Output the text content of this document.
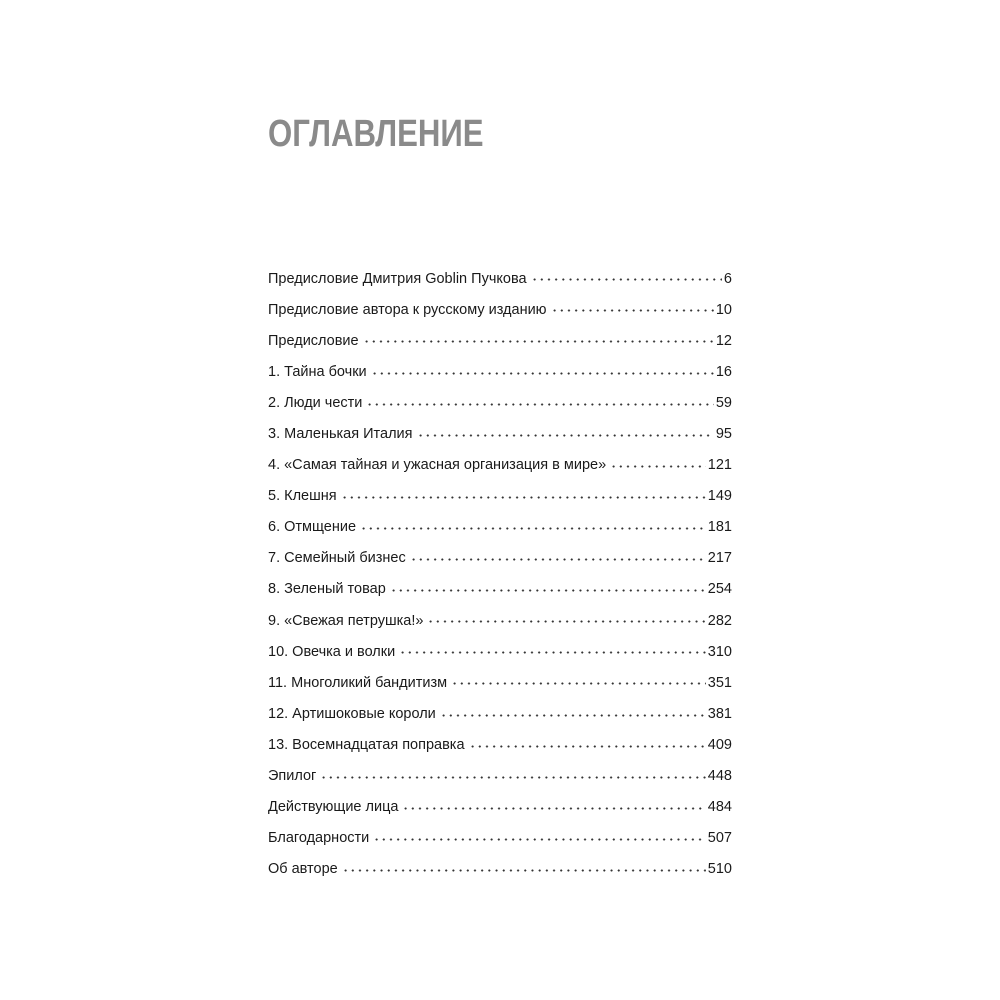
ОГЛАВЛЕНИЕ
Предисловие Дмитрия Goblin Пучкова	6
Предисловие автора к русскому изданию	10
Предисловие	12
1. Тайна бочки	16
2. Люди чести	59
3. Маленькая Италия	95
4. «Самая тайная и ужасная организация в мире»	121
5. Клешня	149
6. Отмщение	181
7. Семейный бизнес	217
8. Зеленый товар	254
9. «Свежая петрушка!»	282
10. Овечка и волки	310
11. Многоликий бандитизм	351
12. Артишоковые короли	381
13. Восемнадцатая поправка	409
Эпилог	448
Действующие лица	484
Благодарности	507
Об авторе	510
